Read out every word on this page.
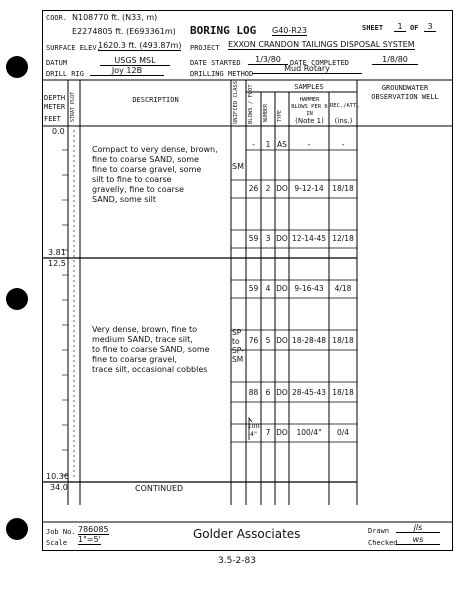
COOR. N108770 ft. (N33, m)
E2274805 ft. (E693361m) BORING LOG G40-R23	SHEET	1	OF	3
SURFACE ELEV.
1620.3 ft. (493.87m) PROJECT EXXON CRANDON TAILINGS DISPOSAL SYSTEM
DATUM	USGS MSL	DATE STARTED	1/3/80	DATE COMPLETED	1/8/80
DRILL RIG	Joy 12B	DRILLING METHOD
Mud Rotary
DEPTH METER
FEET STRAT PLOT	DESCRIPTION	UNIFIED CLASS BLOWS / FOOT	SAMPLES
NUMBER TYPE
HAMMER BLOWS PER 6 IN
(Note 1)
REC./ATT.
(ins.)
GROUNDWATER OBSERVATION WELL
0.0
3.81
12.5
10.36
34.0
Compact to very dense, brown,
fine to coarse SAND, some
fine to coarse gravel, some
silt to fine to coarse
gravelly, fine to coarse
SAND, some silt
SM
Very dense, brown, fine to
medium SAND, trace silt,
to fine to coarse SAND, some
fine to coarse gravel,
trace silt, occasional cobbles
SP
to
SP-
SM
-	1 AS	-	-
26 2 DO 9-12-14	18/18
59 3 DO 12-14-45 12/18
59 4 DO 9-16-43	4/18
76 5 DO 18-28-48 18/18
88 6 DO 28-45-43 18/18
100
4"	7 DO	100/4"	0/4
CONTINUED
Job No. 786085
Scale 1"=5'	Golder Associates	Drawn	jls
Checked	ws
3.5-2-83
